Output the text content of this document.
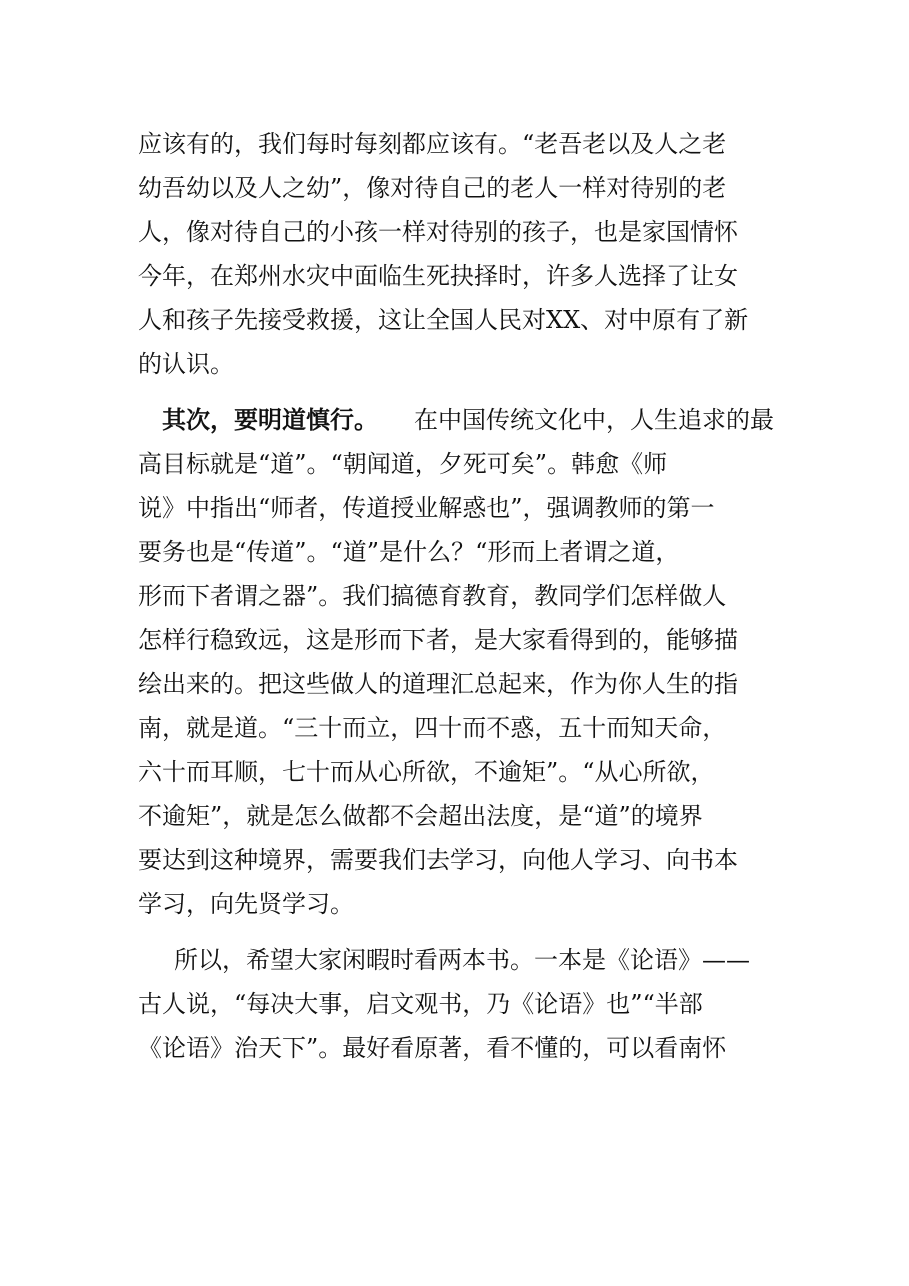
应该有的，我们每时每刻都应该有。“老吾老以及人之老
幼吾幼以及人之幼”，像对待自己的老人一样对待别的老
人，像对待自己的小孩一样对待别的孩子，也是家国情怀
今年，在郑州水灾中面临生死抉择时，许多人选择了让女
人和孩子先接受救援，这让全国人民对XX、对中原有了新
的认识。
其次，要明道慎行。 在中国传统文化中，人生追求的最
高目标就是“道”。“朝闻道，夕死可矣”。韩愈《师
说》中指出“师者，传道授业解惑也”，强调教师的第一
要务也是“传道”。“道”是什么？“形而上者谓之道，
形而下者谓之器”。我们搞德育教育，教同学们怎样做人
怎样行稳致远，这是形而下者，是大家看得到的，能够描
绘出来的。把这些做人的道理汇总起来，作为你人生的指
南，就是道。“三十而立，四十而不惑，五十而知天命，
六十而耳顺，七十而从心所欲，不逾矩”。“从心所欲，
不逾矩”，就是怎么做都不会超出法度，是“道”的境界
要达到这种境界，需要我们去学习，向他人学习、向书本
学习，向先贤学习。
所以，希望大家闲暇时看两本书。一本是《论语》——
古人说，“每决大事，启文观书，乃《论语》也”“半部
《论语》治天下”。最好看原著，看不懂的，可以看南怀
